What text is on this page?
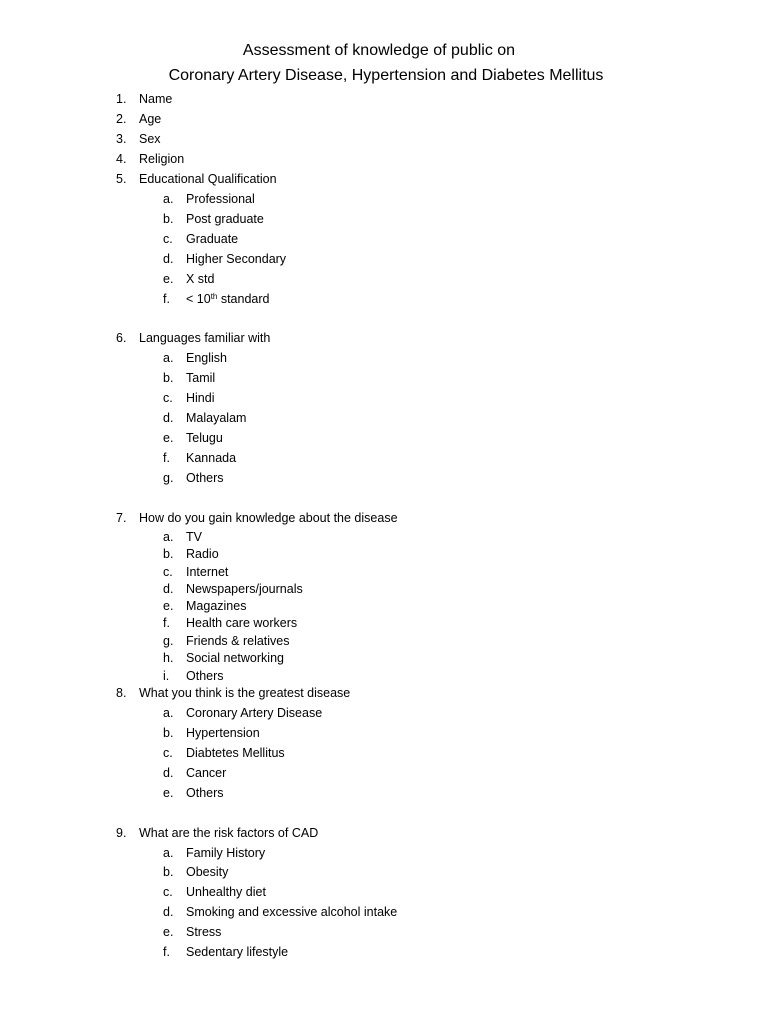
Assessment of knowledge of public on
Coronary Artery Disease, Hypertension and Diabetes Mellitus
1. Name
2. Age
3. Sex
4. Religion
5. Educational Qualification
a. Professional
b. Post graduate
c. Graduate
d. Higher Secondary
e. X std
f. < 10th standard
6. Languages familiar with
a. English
b. Tamil
c. Hindi
d. Malayalam
e. Telugu
f. Kannada
g. Others
7. How do you gain knowledge about the disease
a. TV
b. Radio
c. Internet
d. Newspapers/journals
e. Magazines
f. Health care workers
g. Friends & relatives
h. Social networking
i. Others
8. What you think is the greatest disease
a. Coronary Artery Disease
b. Hypertension
c. Diabtetes Mellitus
d. Cancer
e. Others
9. What are the risk factors of CAD
a. Family History
b. Obesity
c. Unhealthy diet
d. Smoking and excessive alcohol intake
e. Stress
f. Sedentary lifestyle
